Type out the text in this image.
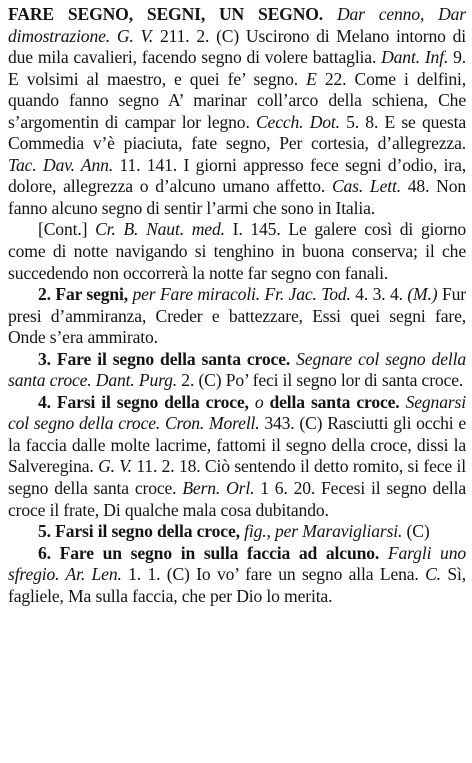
FARE SEGNO, SEGNI, UN SEGNO. Dar cenno, Dar dimostrazione. G. V. 211. 2. (C) Uscirono di Melano intorno di due mila cavalieri, facendo segno di volere battaglia. Dant. Inf. 9. E volsimi al maestro, e quei fe’ segno. E 22. Come i delfini, quando fanno segno A’ marinar coll’arco della schiena, Che s’argomentin di campar lor legno. Cecch. Dot. 5. 8. E se questa Commedia v’è piaciuta, fate segno, Per cortesia, d’allegrezza. Tac. Dav. Ann. 11. 141. I giorni appresso fece segni d’odio, ira, dolore, allegrezza o d’alcuno umano affetto. Cas. Lett. 48. Non fanno alcuno segno di sentir l’armi che sono in Italia.

[Cont.] Cr. B. Naut. med. I. 145. Le galere così di giorno come di notte navigando si tenghino in buona conserva; il che succedendo non occorrerà la notte far segno con fanali.

2. Far segni, per Fare miracoli. Fr. Jac. Tod. 4. 3. 4. (M.) Fur presi d’ammiranza, Creder e battezzare, Essi quei segni fare, Onde s’era ammirato.

3. Fare il segno della santa croce. Segnare col segno della santa croce. Dant. Purg. 2. (C) Po’ feci il segno lor di santa croce.

4. Farsi il segno della croce, o della santa croce. Segnarsi col segno della croce. Cron. Morell. 343. (C) Rasciutti gli occhi e la faccia dalle molte lacrime, fattomi il segno della croce, dissi la Salveregina. G. V. 11. 2. 18. Ciò sentendo il detto romito, si fece il segno della santa croce. Bern. Orl. 1 6. 20. Fecesi il segno della croce il frate, Di qualche mala cosa dubitando.

5. Farsi il segno della croce, fig., per Maravigliarsi. (C)

6. Fare un segno in sulla faccia ad alcuno. Fargli uno sfregio. Ar. Len. 1. 1. (C) Io vo’ fare un segno alla Lena. C. Sì, fagliele, Ma sulla faccia, che per Dio lo merita.
